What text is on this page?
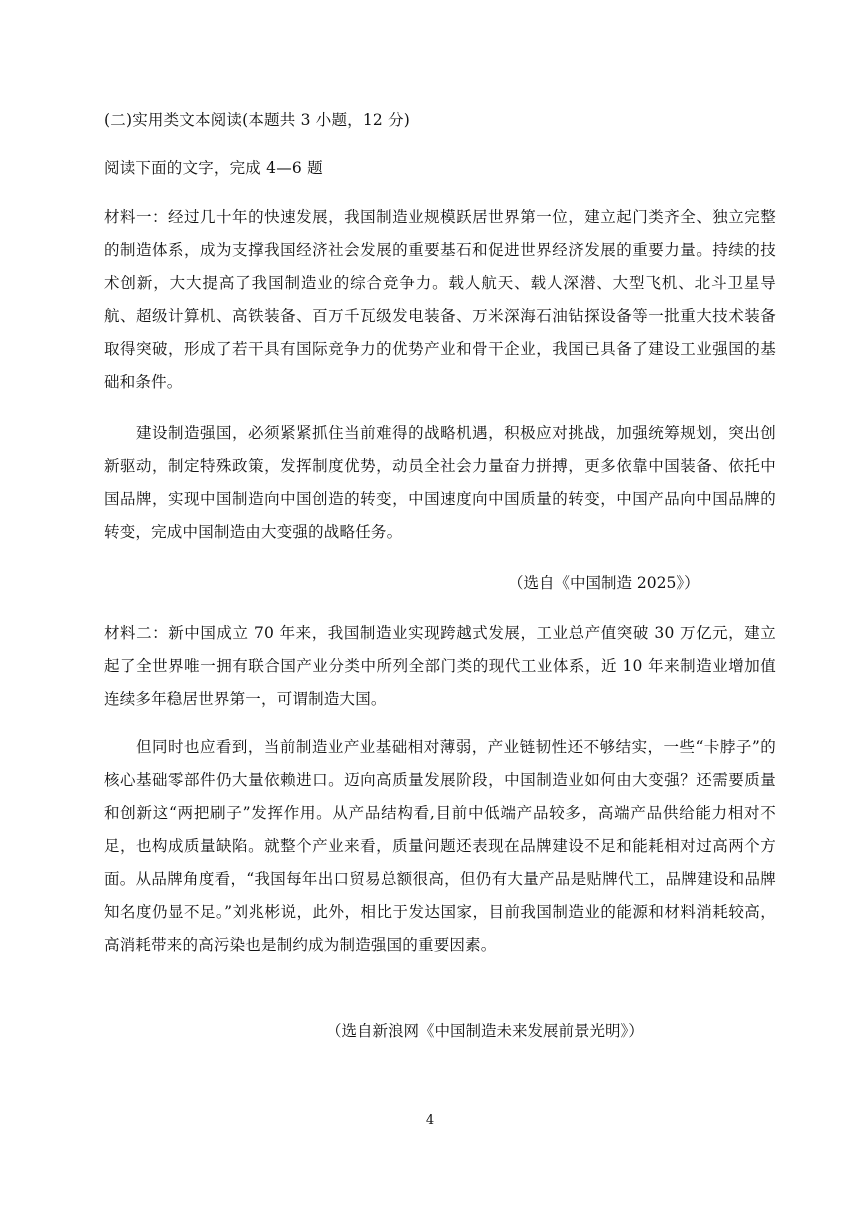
(二)实用类文本阅读(本题共 3 小题，12 分)
阅读下面的文字，完成 4—6 题
材料一：经过几十年的快速发展，我国制造业规模跃居世界第一位，建立起门类齐全、独立完整的制造体系，成为支撑我国经济社会发展的重要基石和促进世界经济发展的重要力量。持续的技术创新，大大提高了我国制造业的综合竞争力。载人航天、载人深潜、大型飞机、北斗卫星导航、超级计算机、高铁装备、百万千瓦级发电装备、万米深海石油钻探设备等一批重大技术装备取得突破，形成了若干具有国际竞争力的优势产业和骨干企业，我国已具备了建设工业强国的基础和条件。
建设制造强国，必须紧紧抓住当前难得的战略机遇，积极应对挑战，加强统筹规划，突出创新驱动，制定特殊政策，发挥制度优势，动员全社会力量奋力拼搏，更多依靠中国装备、依托中国品牌，实现中国制造向中国创造的转变，中国速度向中国质量的转变，中国产品向中国品牌的转变，完成中国制造由大变强的战略任务。
（选自《中国制造 2025》）
材料二：新中国成立 70 年来，我国制造业实现跨越式发展，工业总产值突破 30 万亿元，建立起了全世界唯一拥有联合国产业分类中所列全部门类的现代工业体系，近 10 年来制造业增加值连续多年稳居世界第一，可谓制造大国。
但同时也应看到，当前制造业产业基础相对薄弱，产业链韧性还不够结实，一些“卡脖子”的核心基础零部件仍大量依赖进口。迈向高质量发展阶段，中国制造业如何由大变强？还需要质量和创新这“两把刷子”发挥作用。从产品结构看,目前中低端产品较多，高端产品供给能力相对不足，也构成质量缺陷。就整个产业来看，质量问题还表现在品牌建设不足和能耗相对过高两个方面。从品牌角度看，“我国每年出口贸易总额很高，但仍有大量产品是贴牌代工，品牌建设和品牌知名度仍显不足。”刘兆彬说，此外，相比于发达国家，目前我国制造业的能源和材料消耗较高，高消耗带来的高污染也是制约成为制造强国的重要因素。
（选自新浪网《中国制造未来发展前景光明》）
4
